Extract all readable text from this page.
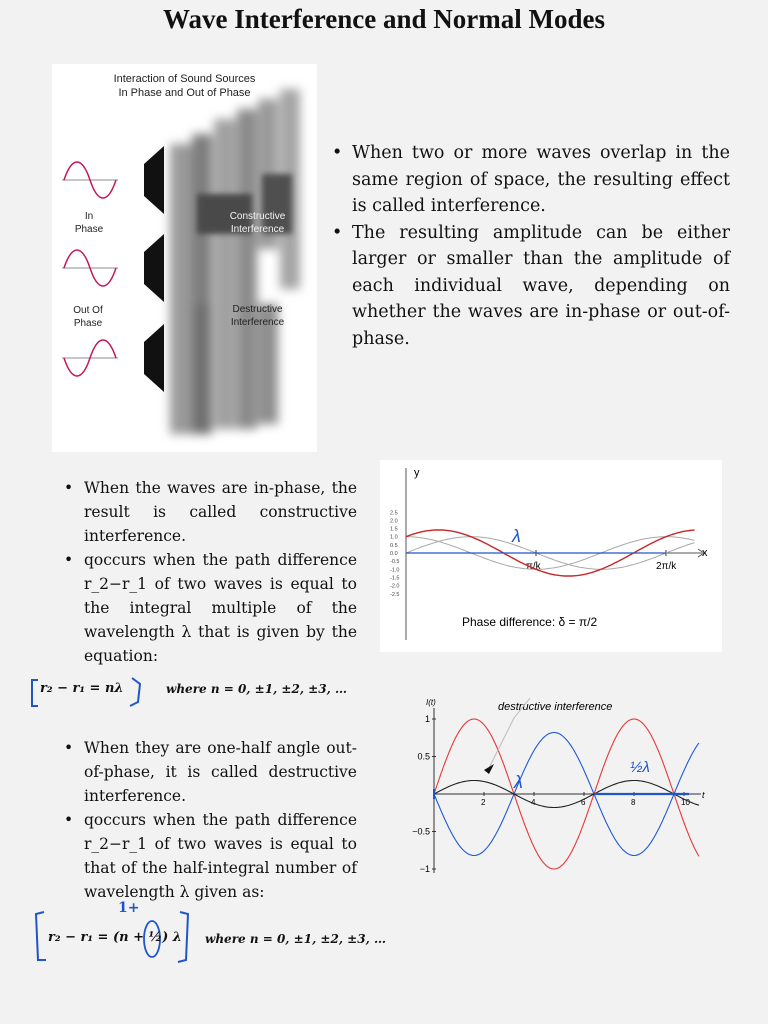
Wave Interference and Normal Modes
Interaction of Sound Sources
In Phase and Out of Phase
In
Phase
Out Of
Phase
Constructive
Interference
Destructive
Interference
• When two or more waves overlap in the same region of space, the resulting effect is called interference.
• The resulting amplitude can be either larger or smaller than the amplitude of each individual wave, depending on whether the waves are in-phase or out-of-phase.
• When the waves are in-phase, the result is called constructive interference.
• qoccurs when the path difference r_2−r_1 of two waves is equal to the integral multiple of the wavelength λ that is given by the equation:
r₂ − r₁ = nλ	where n = 0, ±1, ±2, ±3, …
• When they are one-half angle out-of-phase, it is called destructive interference.
• qoccurs when the path difference r_2−r_1 of two waves is equal to that of the half-integral number of wavelength λ given as:
1+
r₂ − r₁ = (n + ½) λ where n = 0, ±1, ±2, ±3, …
y
x
2.5
2.0
1.5
1.0
0.5
0.0
-0.5
-1.0
-1.5
-2.0
-2.5
π/k	2π/k
Phase difference: δ = π/2
λ
I(t)
t
destructive interference
1
0.5
−0.5
−1
2	4	6	8	10
λ
½λ
